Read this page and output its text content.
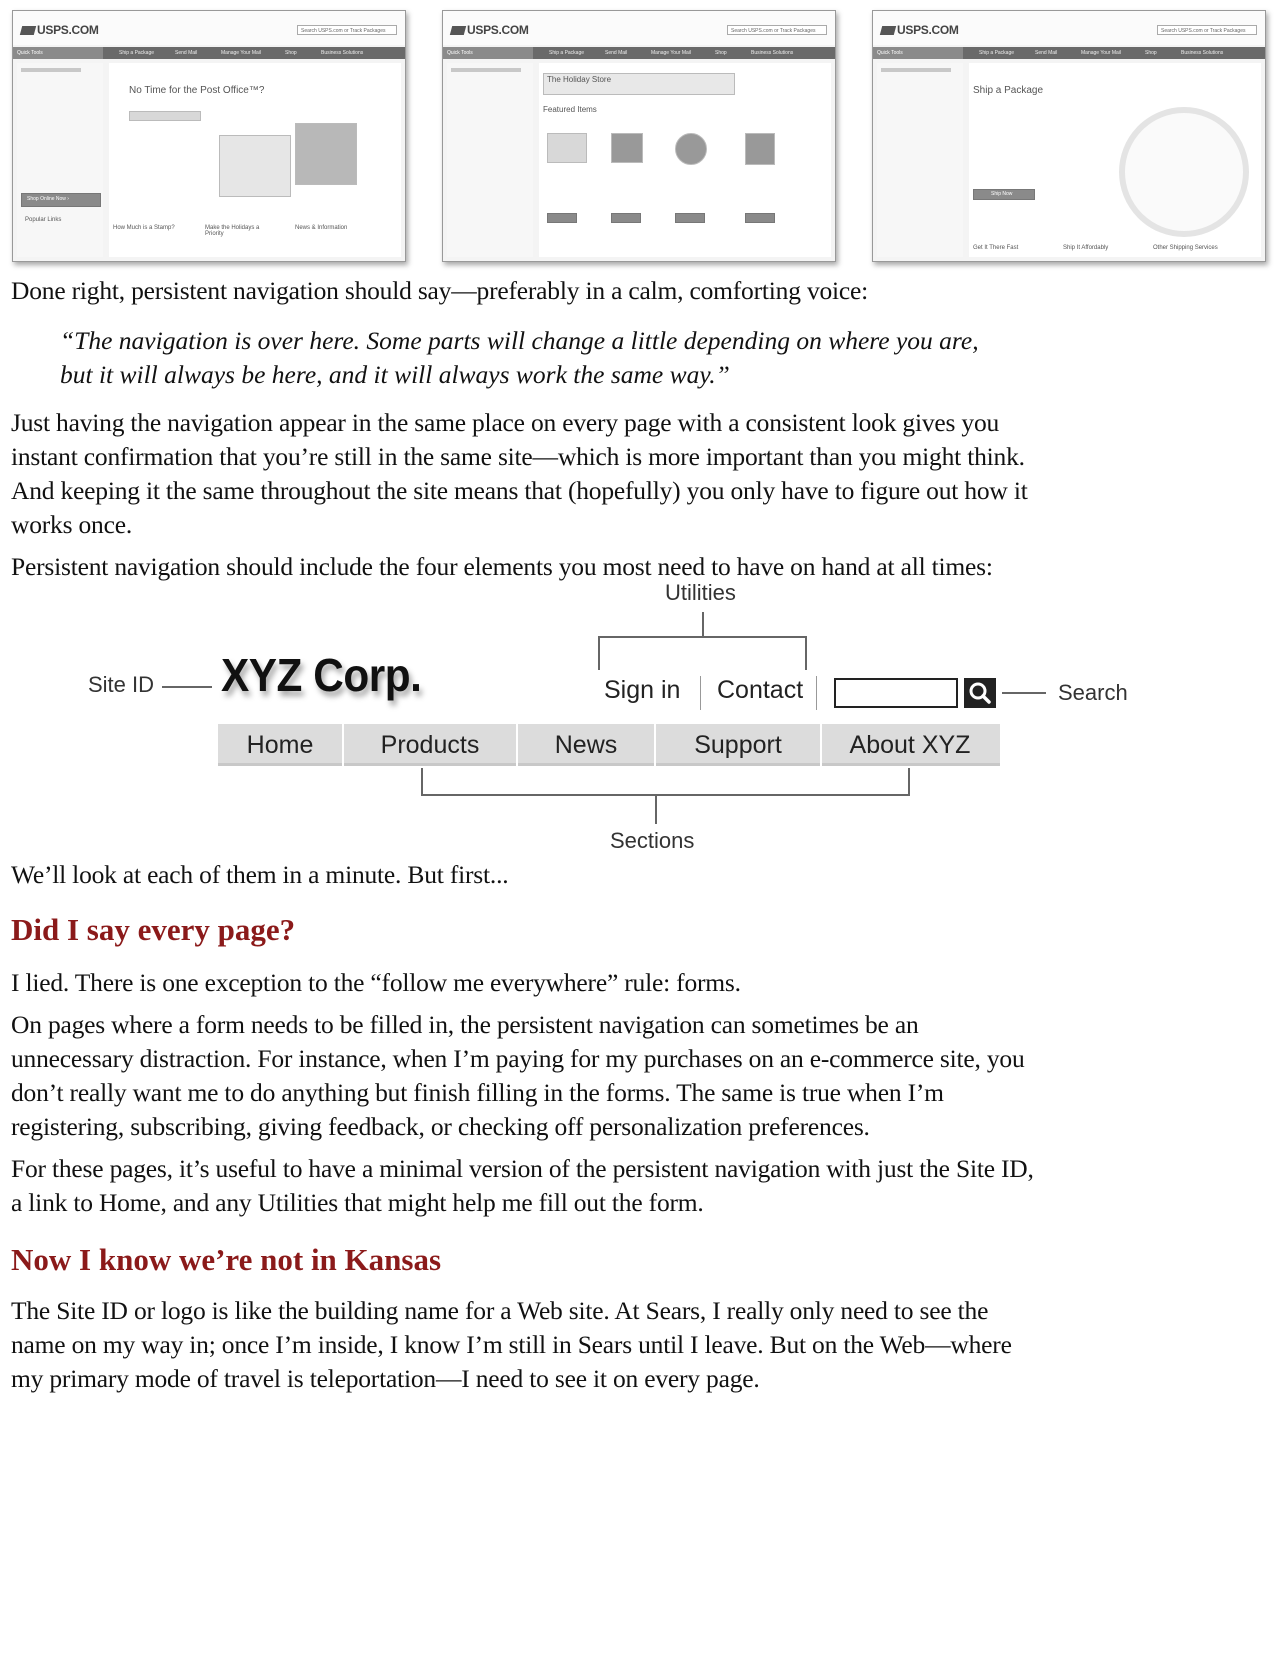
USPS.COM	Search USPS.com or Track Packages
Ship a Package	Send Mail	Manage Your Mail	Shop	Business Solutions
Quick Tools
Shop Online Now ›
No Time for the Post Office™?
How Much is a Stamp?	Make the Holidays a Priority
News & Information
Popular Links
USPS.COM	Search USPS.com or Track Packages
Ship a Package	Send Mail	Manage Your Mail	Shop	Business Solutions
Quick Tools
The Holiday Store
Featured Items
USPS.COM	Search USPS.com or Track Packages
Ship a Package	Send Mail	Manage Your Mail	Shop	Business Solutions
Quick Tools
Ship a Package
Ship Now
Get It There Fast	Ship It Affordably	Other Shipping Services

Done right, persistent navigation should say—preferably in a calm, comforting voice:

“The navigation is over here. Some parts will change a little depending on where you are,

but it will always be here, and it will always work the same way.”

Just having the navigation appear in the same place on every page with a consistent look gives you

instant confirmation that you’re still in the same site—which is more important than you might think.

And keeping it the same throughout the site means that (hopefully) you only have to figure out how it

works once.

Persistent navigation should include the four elements you most need to have on hand at all times:

Utilities
Site ID XYZ Corp.	Sign in Contact	Search
Home	Products	News	Support	About XYZ
Sections

We’ll look at each of them in a minute. But first...

Did I say every page?

I lied. There is one exception to the “follow me everywhere” rule: forms.

On pages where a form needs to be filled in, the persistent navigation can sometimes be an

unnecessary distraction. For instance, when I’m paying for my purchases on an e-commerce site, you

don’t really want me to do anything but finish filling in the forms. The same is true when I’m

registering, subscribing, giving feedback, or checking off personalization preferences.

For these pages, it’s useful to have a minimal version of the persistent navigation with just the Site ID,

a link to Home, and any Utilities that might help me fill out the form.

Now I know we’re not in Kansas

The Site ID or logo is like the building name for a Web site. At Sears, I really only need to see the

name on my way in; once I’m inside, I know I’m still in Sears until I leave. But on the Web—where

my primary mode of travel is teleportation—I need to see it on every page.
